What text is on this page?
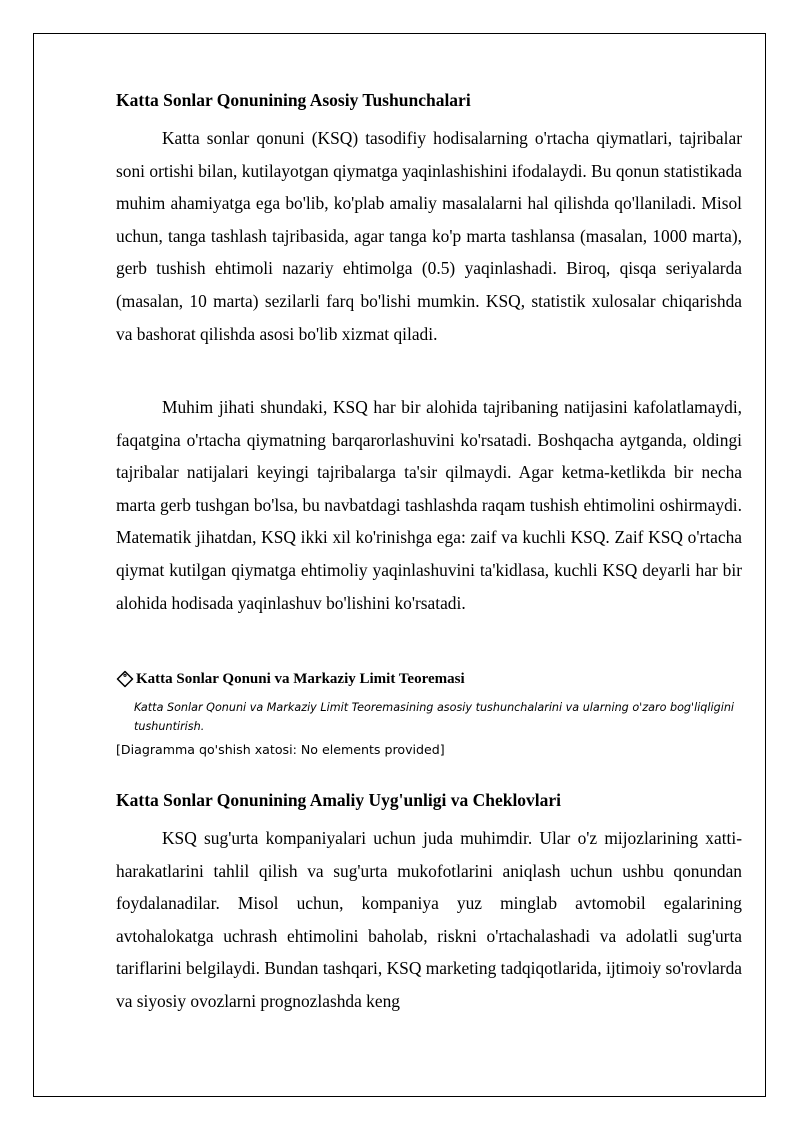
Katta Sonlar Qonunining Asosiy Tushunchalari

Katta sonlar qonuni (KSQ) tasodifiy hodisalarning o'rtacha qiymatlari, tajribalar soni ortishi bilan, kutilayotgan qiymatga yaqinlashishini ifodalaydi. Bu qonun statistikada muhim ahamiyatga ega bo'lib, ko'plab amaliy masalalarni hal qilishda qo'llaniladi. Misol uchun, tanga tashlash tajribasida, agar tanga ko'p marta tashlansa (masalan, 1000 marta), gerb tushish ehtimoli nazariy ehtimolga (0.5) yaqinlashadi. Biroq, qisqa seriyalarda (masalan, 10 marta) sezilarli farq bo'lishi mumkin. KSQ, statistik xulosalar chiqarishda va bashorat qilishda asosi bo'lib xizmat qiladi.

Muhim jihati shundaki, KSQ har bir alohida tajribaning natijasini kafolatlamaydi, faqatgina o'rtacha qiymatning barqarorlashuvini ko'rsatadi. Boshqacha aytganda, oldingi tajribalar natijalari keyingi tajribalarga ta'sir qilmaydi. Agar ketma-ketlikda bir necha marta gerb tushgan bo'lsa, bu navbatdagi tashlashda raqam tushish ehtimolini oshirmaydi. Matematik jihatdan, KSQ ikki xil ko'rinishga ega: zaif va kuchli KSQ. Zaif KSQ o'rtacha qiymat kutilgan qiymatga ehtimoliy yaqinlashuvini ta'kidlasa, kuchli KSQ deyarli har bir alohida hodisada yaqinlashuv bo'lishini ko'rsatadi.

Katta Sonlar Qonuni va Markaziy Limit Teoremasi

Katta Sonlar Qonuni va Markaziy Limit Teoremasining asosiy tushunchalarini va ularning o'zaro bog'liqligini tushuntirish.

[Diagramma qo'shish xatosi: No elements provided]

Katta Sonlar Qonunining Amaliy Uyg'unligi va Cheklovlari

KSQ sug'urta kompaniyalari uchun juda muhimdir. Ular o'z mijozlarining xatti-harakatlarini tahlil qilish va sug'urta mukofotlarini aniqlash uchun ushbu qonundan foydalanadilar. Misol uchun, kompaniya yuz minglab avtomobil egalarining avtohalokatga uchrash ehtimolini baholab, riskni o'rtachalashadi va adolatli sug'urta tariflarini belgilaydi. Bundan tashqari, KSQ marketing tadqiqotlarida, ijtimoiy so'rovlarda va siyosiy ovozlarni prognozlashda keng
